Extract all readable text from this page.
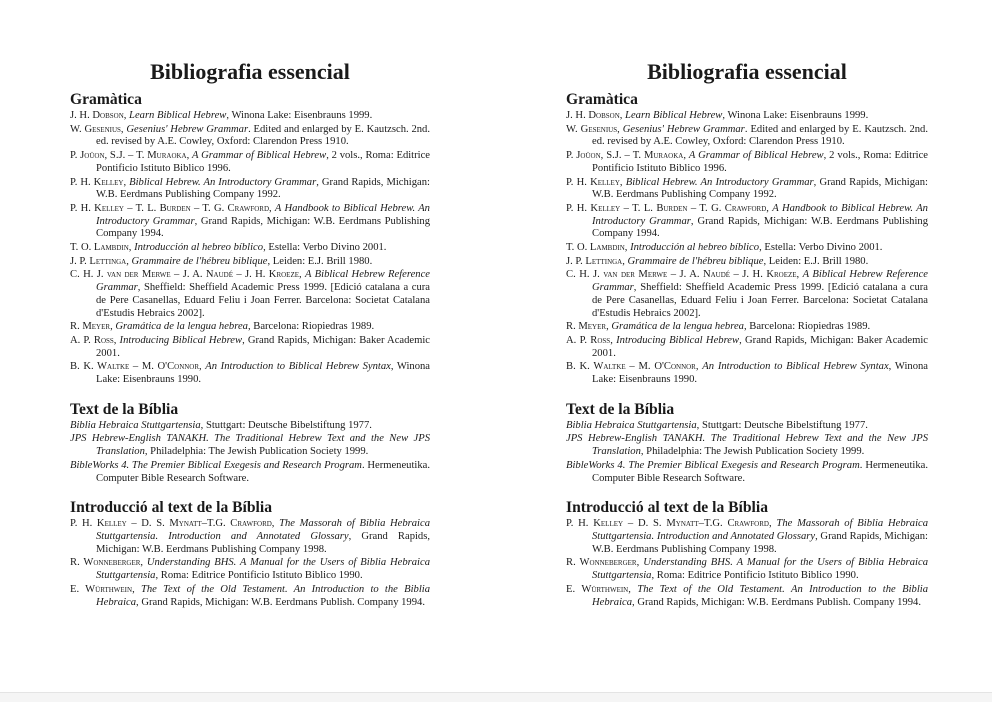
Bibliografia essencial
Gramàtica

J. H. Dobson, Learn Biblical Hebrew, Winona Lake: Eisenbrauns 1999.

W. Gesenius, Gesenius' Hebrew Grammar. Edited and enlarged by E. Kautzsch. 2nd. ed. revised by A.E. Cowley, Oxford: Clarendon Press 1910.

P. Joüon, S.J. – T. Muraoka, A Grammar of Biblical Hebrew, 2 vols., Roma: Editrice Pontificio Istituto Biblico 1996.

P. H. Kelley, Biblical Hebrew. An Introductory Grammar, Grand Rapids, Michigan: W.B. Eerdmans Publishing Company 1992.

P. H. Kelley – T. L. Burden – T. G. Crawford, A Handbook to Biblical Hebrew. An Introductory Grammar, Grand Rapids, Michigan: W.B. Eerdmans Publishing Company 1994.

T. O. Lambdin, Introducción al hebreo bíblico, Estella: Verbo Divino 2001.

J. P. Lettinga, Grammaire de l'hébreu biblique, Leiden: E.J. Brill 1980.

C. H. J. van der Merwe – J. A. Naudé – J. H. Kroeze, A Biblical Hebrew Reference Grammar, Sheffield: Sheffield Academic Press 1999. [Edició catalana a cura de Pere Casanellas, Eduard Feliu i Joan Ferrer. Barcelona: Societat Catalana d'Estudis Hebraics 2002].

R. Meyer, Gramática de la lengua hebrea, Barcelona: Riopiedras 1989.

A. P. Ross, Introducing Biblical Hebrew, Grand Rapids, Michigan: Baker Academic 2001.

B. K. Waltke – M. O'Connor, An Introduction to Biblical Hebrew Syntax, Winona Lake: Eisenbrauns 1990.

Text de la Bíblia

Biblia Hebraica Stuttgartensia, Stuttgart: Deutsche Bibelstiftung 1977.

JPS Hebrew-English TANAKH. The Traditional Hebrew Text and the New JPS Translation, Philadelphia: The Jewish Publication Society 1999.

BibleWorks 4. The Premier Biblical Exegesis and Research Program. Hermeneutika. Computer Bible Research Software.

Introducció al text de la Bíblia

P. H. Kelley – D. S. Mynatt–T.G. Crawford, The Massorah of Biblia Hebraica Stuttgartensia. Introduction and Annotated Glossary, Grand Rapids, Michigan: W.B. Eerdmans Publishing Company 1998.

R. Wonneberger, Understanding BHS. A Manual for the Users of Biblia Hebraica Stuttgartensia, Roma: Editrice Pontificio Istituto Biblico 1990.

E. Würthwein, The Text of the Old Testament. An Introduction to the Biblia Hebraica, Grand Rapids, Michigan: W.B. Eerdmans Publish. Company 1994.

Bibliografia essencial
Gramàtica

J. H. Dobson, Learn Biblical Hebrew, Winona Lake: Eisenbrauns 1999.

W. Gesenius, Gesenius' Hebrew Grammar. Edited and enlarged by E. Kautzsch. 2nd. ed. revised by A.E. Cowley, Oxford: Clarendon Press 1910.

P. Joüon, S.J. – T. Muraoka, A Grammar of Biblical Hebrew, 2 vols., Roma: Editrice Pontificio Istituto Biblico 1996.

P. H. Kelley, Biblical Hebrew. An Introductory Grammar, Grand Rapids, Michigan: W.B. Eerdmans Publishing Company 1992.

P. H. Kelley – T. L. Burden – T. G. Crawford, A Handbook to Biblical Hebrew. An Introductory Grammar, Grand Rapids, Michigan: W.B. Eerdmans Publishing Company 1994.

T. O. Lambdin, Introducción al hebreo bíblico, Estella: Verbo Divino 2001.

J. P. Lettinga, Grammaire de l'hébreu biblique, Leiden: E.J. Brill 1980.

C. H. J. van der Merwe – J. A. Naudé – J. H. Kroeze, A Biblical Hebrew Reference Grammar, Sheffield: Sheffield Academic Press 1999. [Edició catalana a cura de Pere Casanellas, Eduard Feliu i Joan Ferrer. Barcelona: Societat Catalana d'Estudis Hebraics 2002].

R. Meyer, Gramática de la lengua hebrea, Barcelona: Riopiedras 1989.

A. P. Ross, Introducing Biblical Hebrew, Grand Rapids, Michigan: Baker Academic 2001.

B. K. Waltke – M. O'Connor, An Introduction to Biblical Hebrew Syntax, Winona Lake: Eisenbrauns 1990.

Text de la Bíblia

Biblia Hebraica Stuttgartensia, Stuttgart: Deutsche Bibelstiftung 1977.

JPS Hebrew-English TANAKH. The Traditional Hebrew Text and the New JPS Translation, Philadelphia: The Jewish Publication Society 1999.

BibleWorks 4. The Premier Biblical Exegesis and Research Program. Hermeneutika. Computer Bible Research Software.

Introducció al text de la Bíblia

P. H. Kelley – D. S. Mynatt–T.G. Crawford, The Massorah of Biblia Hebraica Stuttgartensia. Introduction and Annotated Glossary, Grand Rapids, Michigan: W.B. Eerdmans Publishing Company 1998.

R. Wonneberger, Understanding BHS. A Manual for the Users of Biblia Hebraica Stuttgartensia, Roma: Editrice Pontificio Istituto Biblico 1990.

E. Würthwein, The Text of the Old Testament. An Introduction to the Biblia Hebraica, Grand Rapids, Michigan: W.B. Eerdmans Publish. Company 1994.
